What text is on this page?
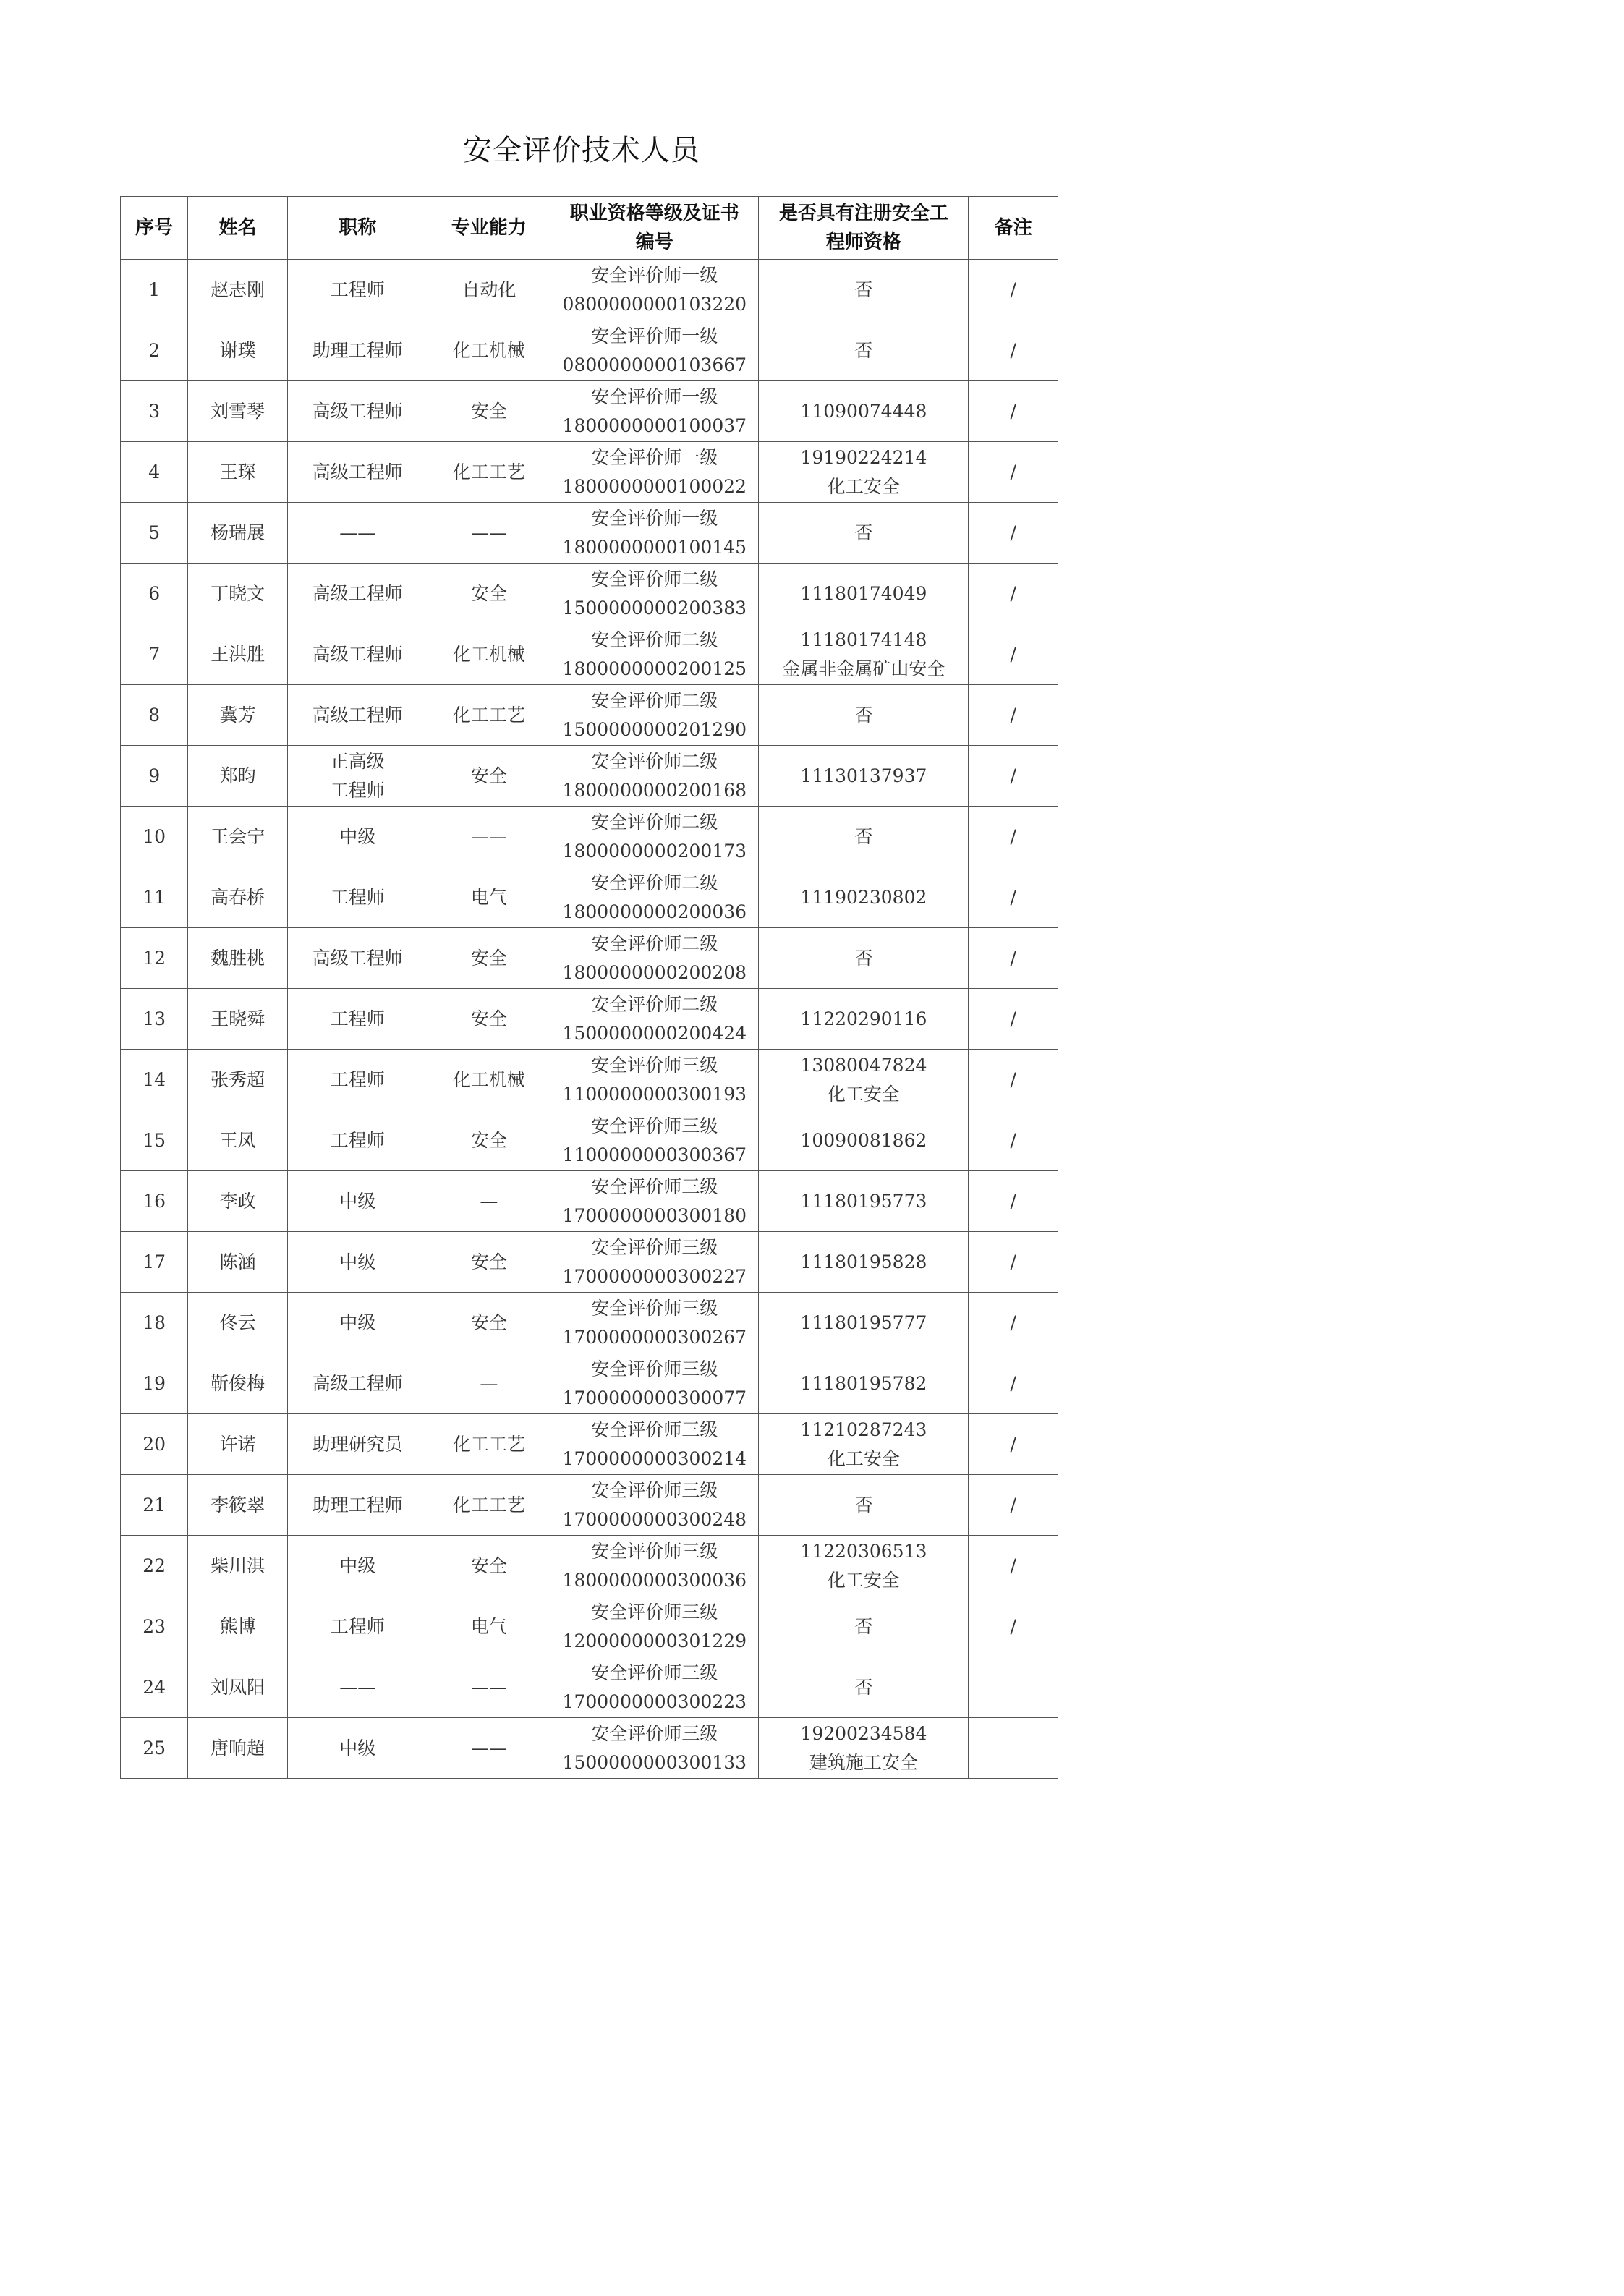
安全评价技术人员
序号	姓名	职称	专业能力	职业资格等级及证书
编号	是否具有注册安全工
程师资格	备注
1	赵志刚	工程师	自动化	安全评价师一级
0800000000103220	否	/
2	谢璞	助理工程师	化工机械	安全评价师一级
0800000000103667	否	/
3	刘雪琴	高级工程师	安全	安全评价师一级
1800000000100037	11090074448	/
4	王琛	高级工程师	化工工艺	安全评价师一级
1800000000100022	19190224214
化工安全	/
5	杨瑞展	——	——	安全评价师一级
1800000000100145	否	/
6	丁晓文	高级工程师	安全	安全评价师二级
1500000000200383	11180174049	/
7	王洪胜	高级工程师	化工机械	安全评价师二级
1800000000200125	11180174148
金属非金属矿山安全	/
8	冀芳	高级工程师	化工工艺	安全评价师二级
1500000000201290	否	/
9	郑昀	正高级
工程师	安全	安全评价师二级
1800000000200168	11130137937	/
10	王会宁	中级	——	安全评价师二级
1800000000200173	否	/
11	高春桥	工程师	电气	安全评价师二级
1800000000200036	11190230802	/
12	魏胜桃	高级工程师	安全	安全评价师二级
1800000000200208	否	/
13	王晓舜	工程师	安全	安全评价师二级
1500000000200424	11220290116	/
14	张秀超	工程师	化工机械	安全评价师三级
1100000000300193	13080047824
化工安全	/
15	王凤	工程师	安全	安全评价师三级
1100000000300367	10090081862	/
16	李政	中级	—	安全评价师三级
1700000000300180	11180195773	/
17	陈涵	中级	安全	安全评价师三级
1700000000300227	11180195828	/
18	佟云	中级	安全	安全评价师三级
1700000000300267	11180195777	/
19	靳俊梅	高级工程师	—	安全评价师三级
1700000000300077	11180195782	/
20	许诺	助理研究员	化工工艺	安全评价师三级
1700000000300214	11210287243
化工安全	/
21	李筱翠	助理工程师	化工工艺	安全评价师三级
1700000000300248	否	/
22	柴川淇	中级	安全	安全评价师三级
1800000000300036	11220306513
化工安全	/
23	熊博	工程师	电气	安全评价师三级
1200000000301229	否	/
24	刘凤阳	——	——	安全评价师三级
1700000000300223	否	

25	唐晌超	中级	——	安全评价师三级
1500000000300133	19200234584
建筑施工安全	
